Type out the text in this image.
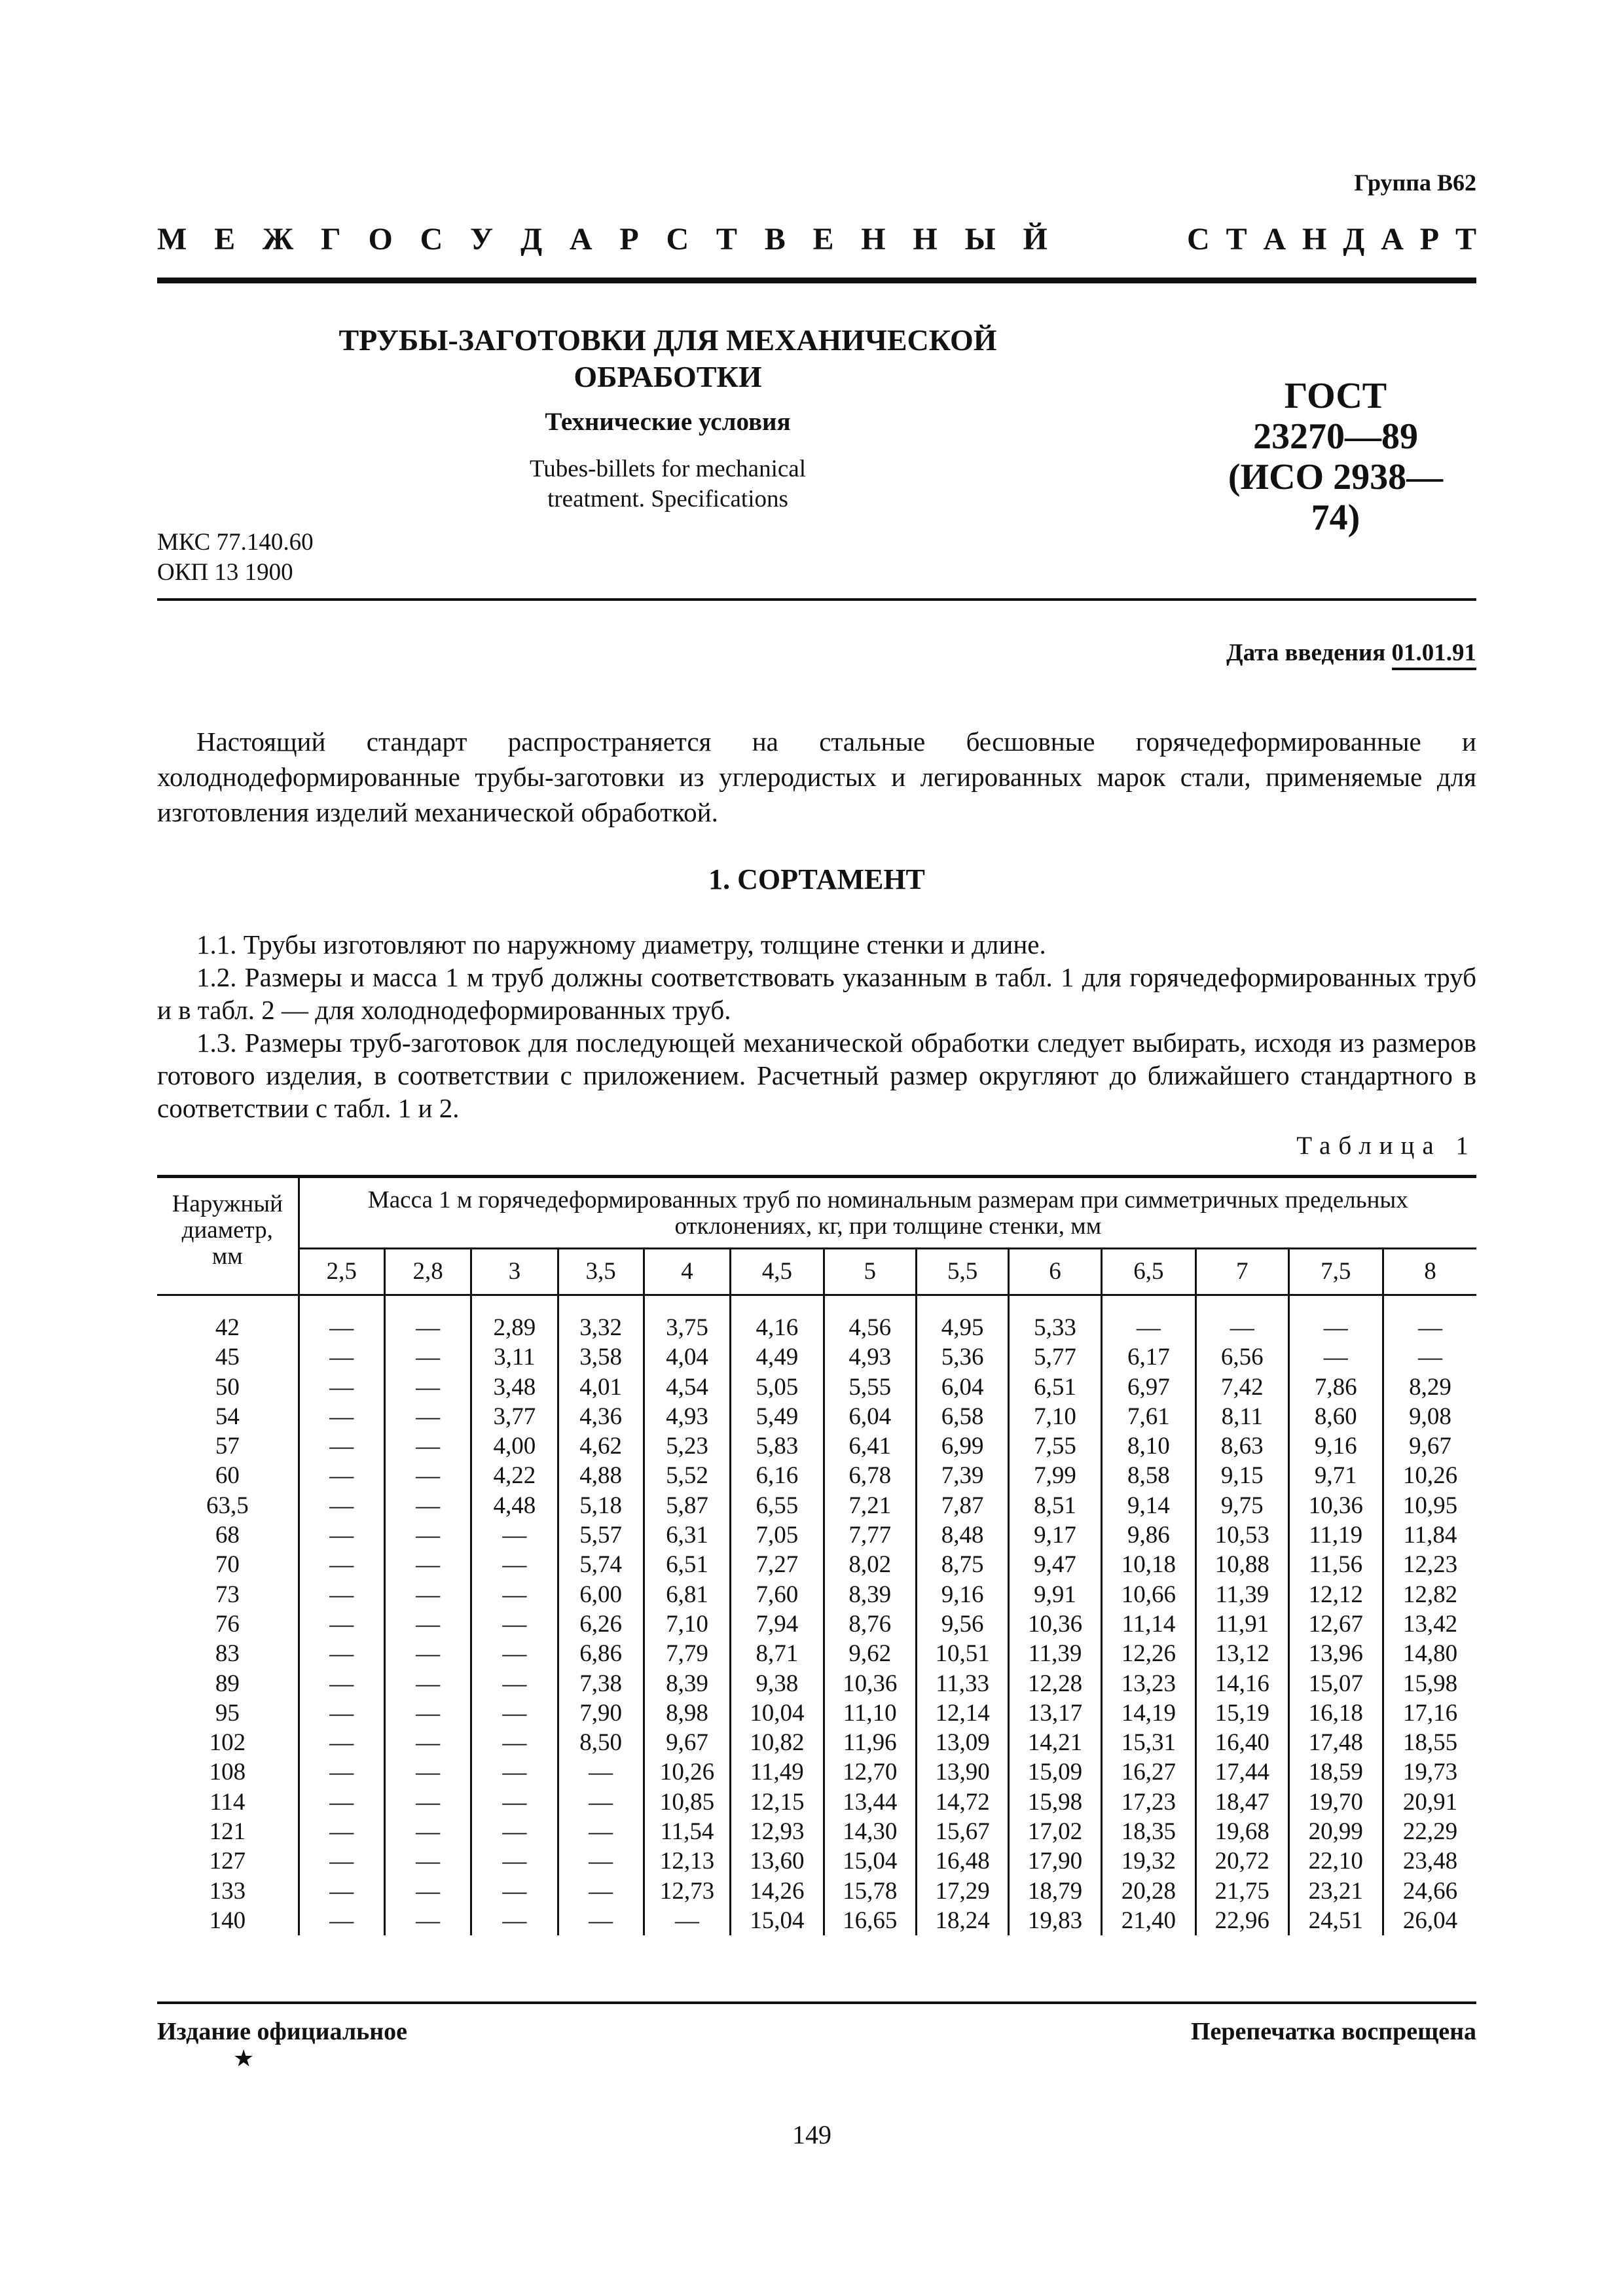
Группа В62
М Е Ж Г О С У Д А Р С Т В Е Н Н Ы Й	С Т А Н Д А Р Т
ТРУБЫ-ЗАГОТОВКИ ДЛЯ МЕХАНИЧЕСКОЙ
ОБРАБОТКИ
Технические условия
Tubes-billets for mechanical
treatment. Specifications
ГОСТ
23270—89
(ИСО 2938—74)
МКС 77.140.60
ОКП 13 1900
Дата введения 01.01.91
Настоящий стандарт распространяется на стальные бесшовные горячедеформированные и холоднодеформированные трубы-заготовки из углеродистых и легированных марок стали, применяемые для изготовления изделий механической обработкой.
1. СОРТАМЕНТ

1.1. Трубы изготовляют по наружному диаметру, толщине стенки и длине.

1.2. Размеры и масса 1 м труб должны соответствовать указанным в табл. 1 для горячедеформированных труб и в табл. 2 — для холоднодеформированных труб.

1.3. Размеры труб-заготовок для последующей механической обработки следует выбирать, исходя из размеров готового изделия, в соответствии с приложением. Расчетный размер округляют до ближайшего стандартного в соответствии с табл. 1 и 2.

Таблица 1
Наружный диаметр, мм	Масса 1 м горячедеформированных труб по номинальным размерам при симметричных предельных отклонениях, кг, при толщине стенки, мм												
	2,5	2,8	3	3,5	4	4,5	5	5,5	6	6,5	7	7,5	8
42	—	—	2,89	3,32	3,75	4,16	4,56	4,95	5,33	—	—	—	—
45	—	—	3,11	3,58	4,04	4,49	4,93	5,36	5,77	6,17	6,56	—	—
50	—	—	3,48	4,01	4,54	5,05	5,55	6,04	6,51	6,97	7,42	7,86	8,29
54	—	—	3,77	4,36	4,93	5,49	6,04	6,58	7,10	7,61	8,11	8,60	9,08
57	—	—	4,00	4,62	5,23	5,83	6,41	6,99	7,55	8,10	8,63	9,16	9,67
60	—	—	4,22	4,88	5,52	6,16	6,78	7,39	7,99	8,58	9,15	9,71	10,26
63,5	—	—	4,48	5,18	5,87	6,55	7,21	7,87	8,51	9,14	9,75	10,36	10,95
68	—	—	—	5,57	6,31	7,05	7,77	8,48	9,17	9,86	10,53	11,19	11,84
70	—	—	—	5,74	6,51	7,27	8,02	8,75	9,47	10,18	10,88	11,56	12,23
73	—	—	—	6,00	6,81	7,60	8,39	9,16	9,91	10,66	11,39	12,12	12,82
76	—	—	—	6,26	7,10	7,94	8,76	9,56	10,36	11,14	11,91	12,67	13,42
83	—	—	—	6,86	7,79	8,71	9,62	10,51	11,39	12,26	13,12	13,96	14,80
89	—	—	—	7,38	8,39	9,38	10,36	11,33	12,28	13,23	14,16	15,07	15,98
95	—	—	—	7,90	8,98	10,04	11,10	12,14	13,17	14,19	15,19	16,18	17,16
102	—	—	—	8,50	9,67	10,82	11,96	13,09	14,21	15,31	16,40	17,48	18,55
108	—	—	—	—	10,26	11,49	12,70	13,90	15,09	16,27	17,44	18,59	19,73
114	—	—	—	—	10,85	12,15	13,44	14,72	15,98	17,23	18,47	19,70	20,91
121	—	—	—	—	11,54	12,93	14,30	15,67	17,02	18,35	19,68	20,99	22,29
127	—	—	—	—	12,13	13,60	15,04	16,48	17,90	19,32	20,72	22,10	23,48
133	—	—	—	—	12,73	14,26	15,78	17,29	18,79	20,28	21,75	23,21	24,66
140	—	—	—	—	—	15,04	16,65	18,24	19,83	21,40	22,96	24,51	26,04
Издание официальное	Перепечатка воспрещена
★
149
